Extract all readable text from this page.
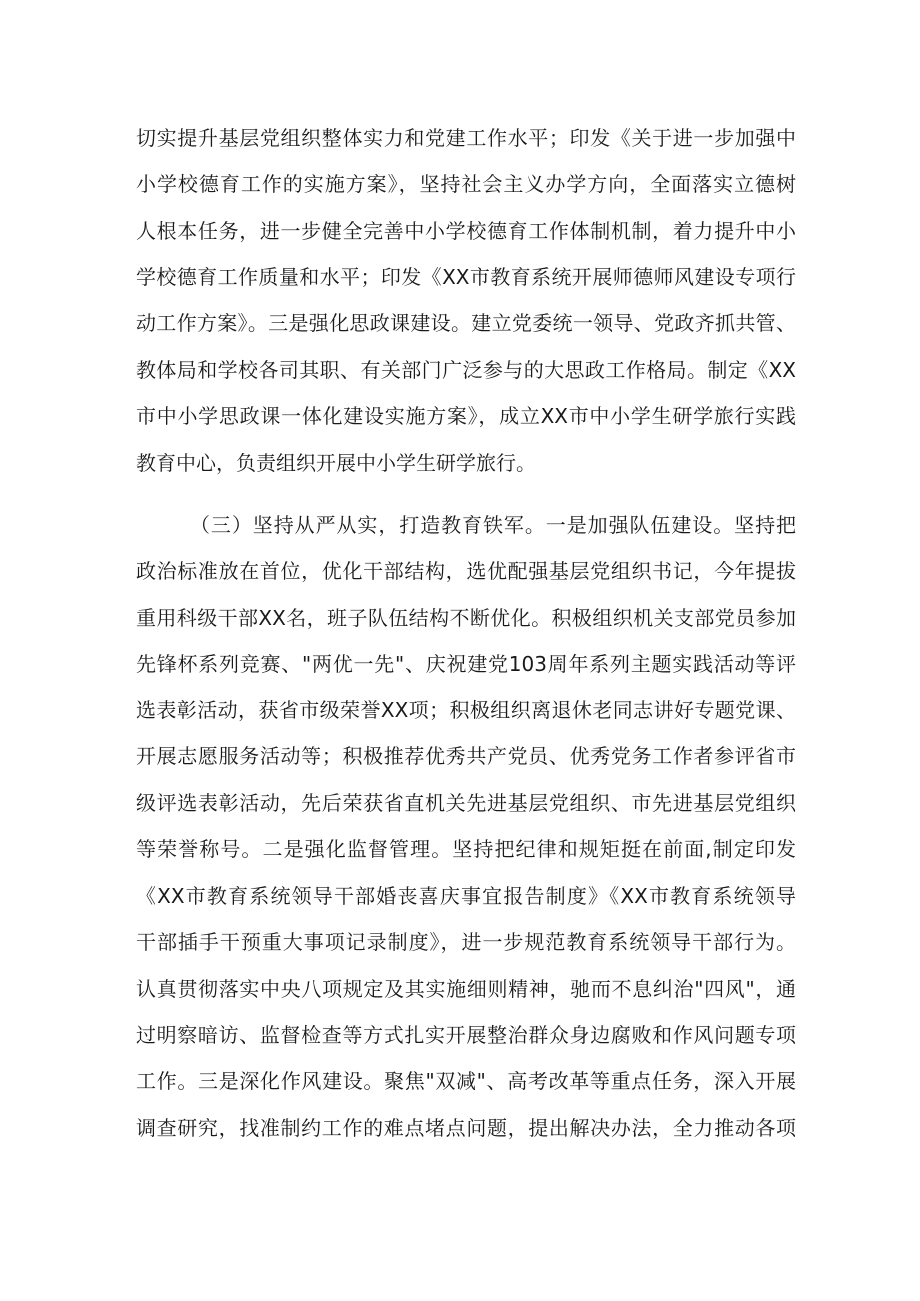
切实提升基层党组织整体实力和党建工作水平；印发《关于进一步加强中
小学校德育工作的实施方案》，坚持社会主义办学方向，全面落实立德树
人根本任务，进一步健全完善中小学校德育工作体制机制，着力提升中小
学校德育工作质量和水平；印发《XX市教育系统开展师德师风建设专项行
动工作方案》。三是强化思政课建设。建立党委统一领导、党政齐抓共管、
教体局和学校各司其职、有关部门广泛参与的大思政工作格局。制定《XX
市中小学思政课一体化建设实施方案》，成立XX市中小学生研学旅行实践
教育中心，负责组织开展中小学生研学旅行。
（三）坚持从严从实，打造教育铁军。一是加强队伍建设。坚持把
政治标准放在首位，优化干部结构，选优配强基层党组织书记，今年提拔
重用科级干部XX名，班子队伍结构不断优化。积极组织机关支部党员参加
先锋杯系列竞赛、"两优一先"、庆祝建党103周年系列主题实践活动等评
选表彰活动，获省市级荣誉XX项；积极组织离退休老同志讲好专题党课、
开展志愿服务活动等；积极推荐优秀共产党员、优秀党务工作者参评省市
级评选表彰活动，先后荣获省直机关先进基层党组织、市先进基层党组织
等荣誉称号。二是强化监督管理。坚持把纪律和规矩挺在前面,制定印发
《XX市教育系统领导干部婚丧喜庆事宜报告制度》《XX市教育系统领导
干部插手干预重大事项记录制度》，进一步规范教育系统领导干部行为。
认真贯彻落实中央八项规定及其实施细则精神，驰而不息纠治"四风"，通
过明察暗访、监督检查等方式扎实开展整治群众身边腐败和作风问题专项
工作。三是深化作风建设。聚焦"双减"、高考改革等重点任务，深入开展
调查研究，找准制约工作的难点堵点问题，提出解决办法，全力推动各项
